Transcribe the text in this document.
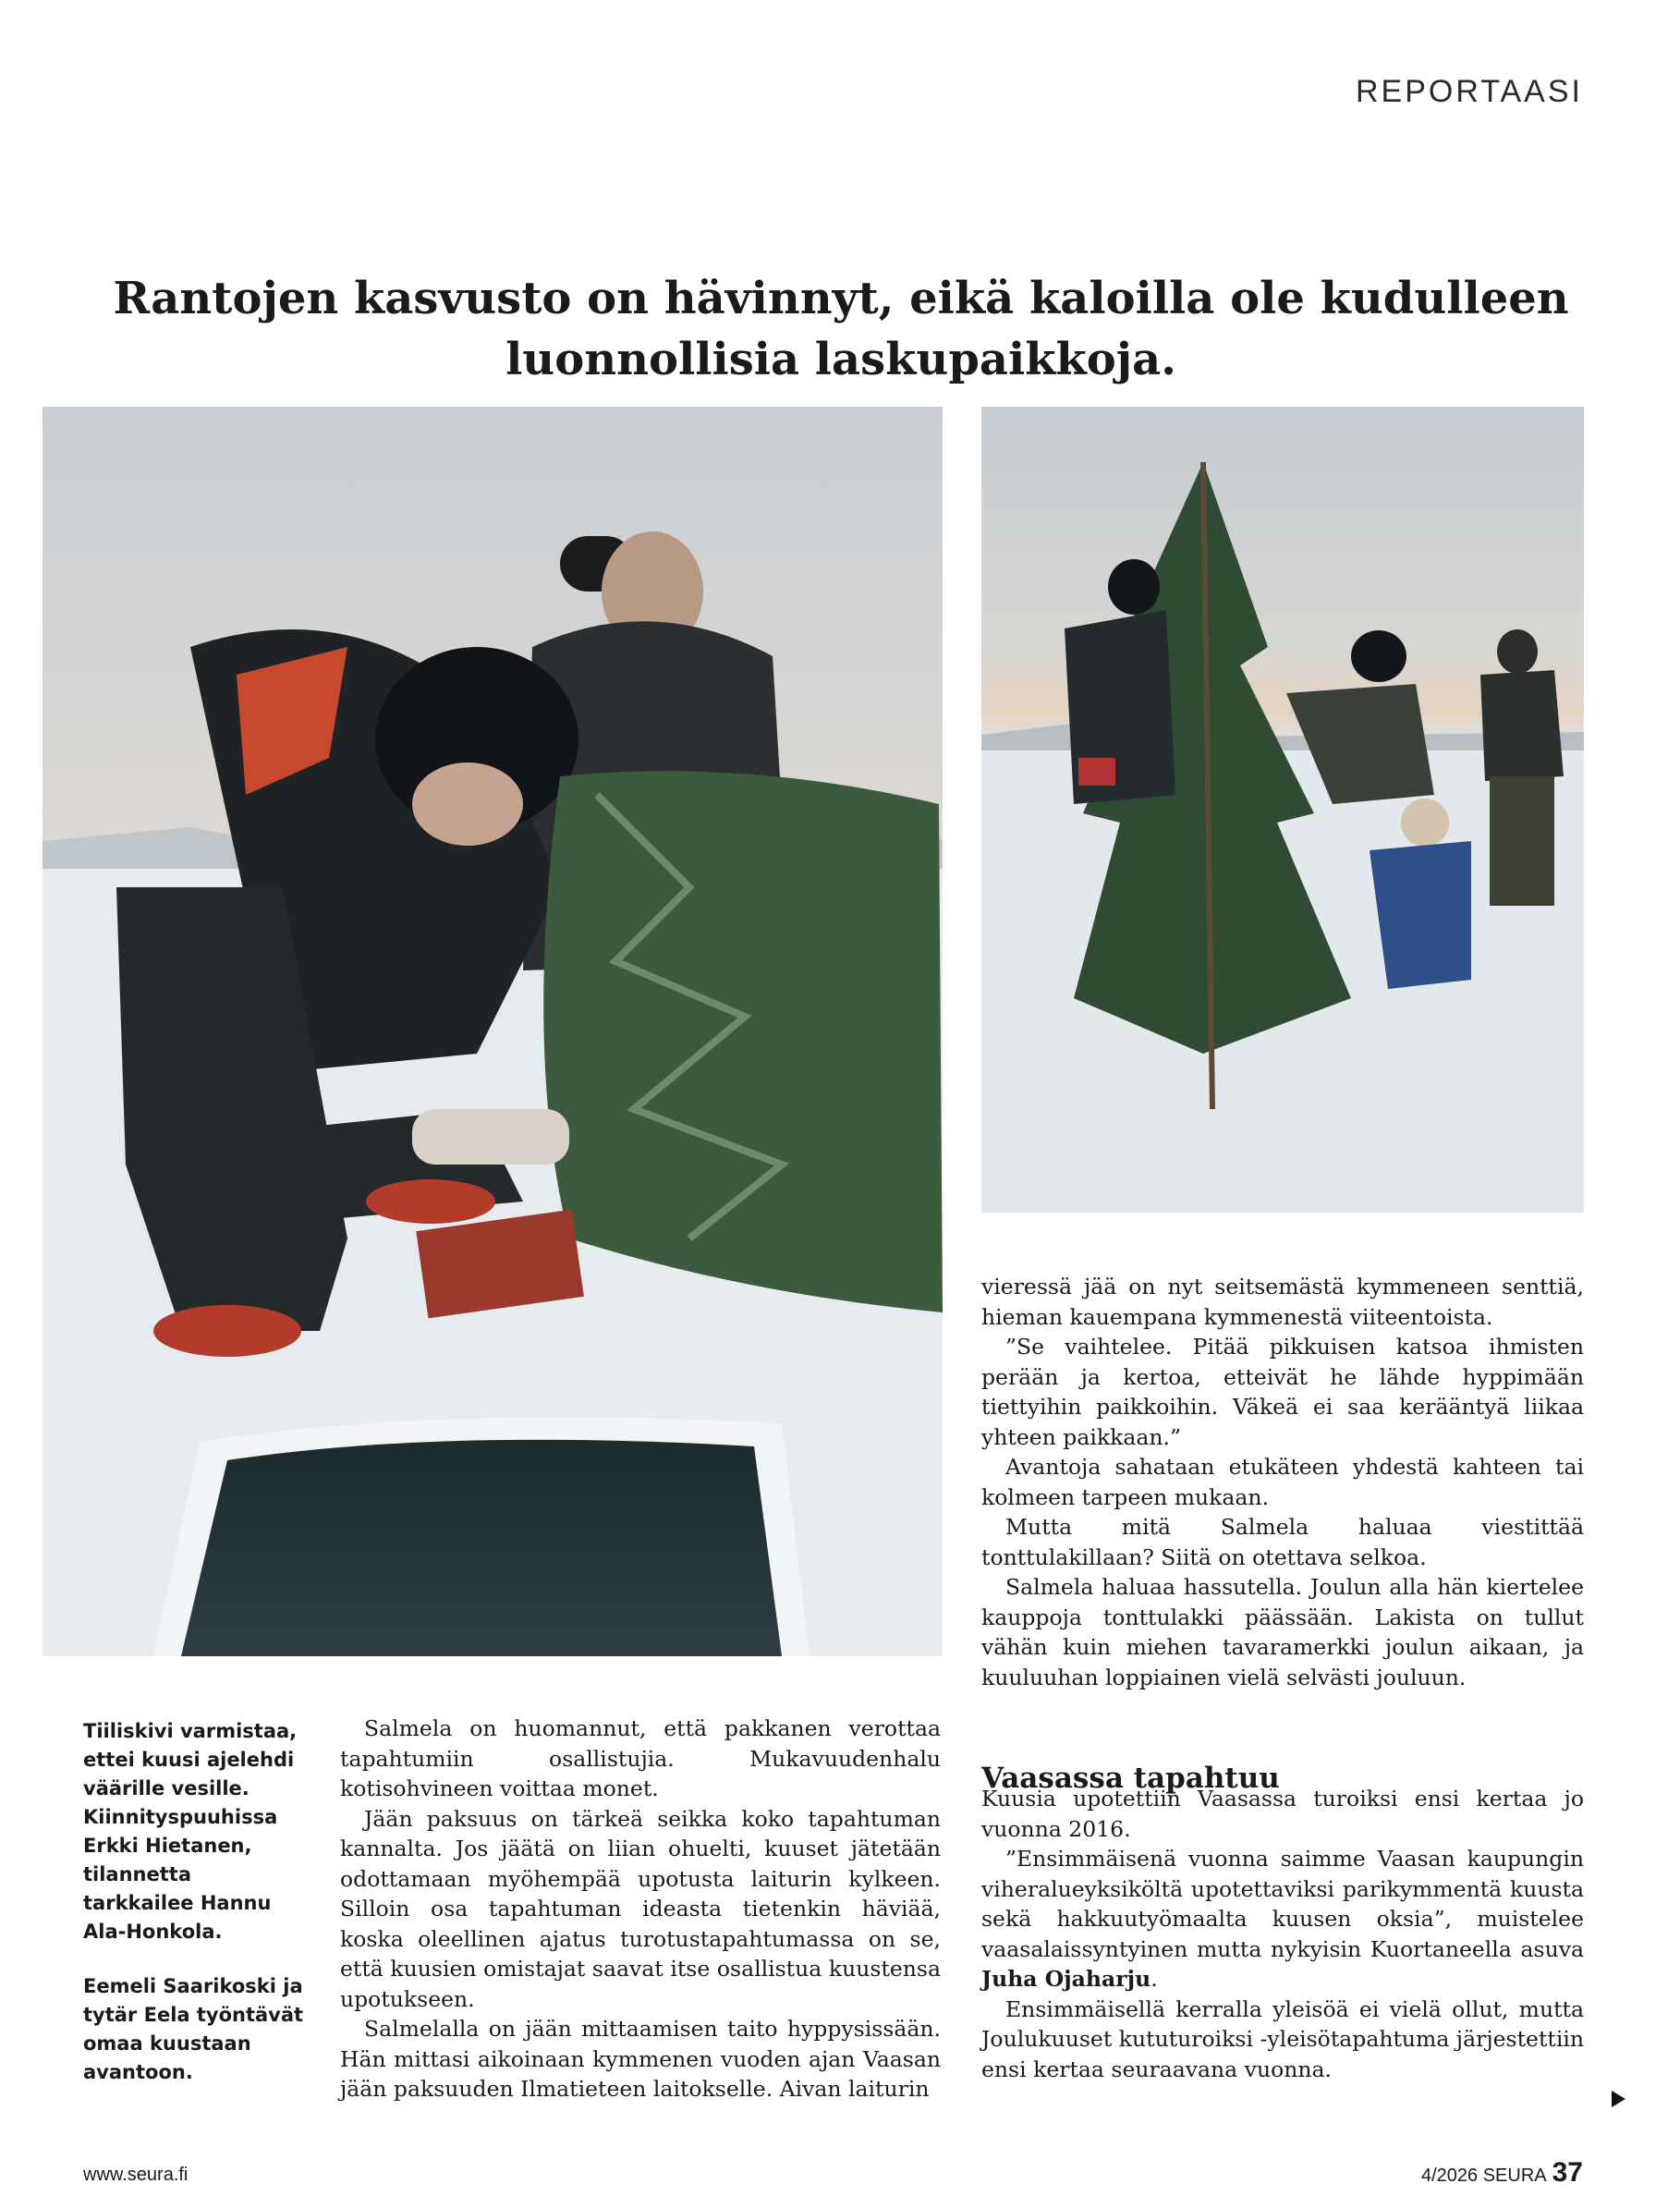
REPORTAASI
Rantojen kasvusto on hävinnyt, eikä kaloilla ole kudulleen luonnollisia laskupaikkoja.
Tiiliskivi varmistaa, ettei kuusi ajelehdi väärille vesille. Kiinnityspuuhissa Erkki Hietanen, tilannetta tarkkailee Hannu Ala-Honkola.
Eemeli Saarikoski ja tytär Eela työntävät omaa kuustaan avantoon.

Salmela on huomannut, että pakkanen verottaa tapahtumiin osallistujia. Mukavuudenhalu kotisohvineen voittaa monet.

Jään paksuus on tärkeä seikka koko tapahtuman kannalta. Jos jäätä on liian ohuelti, kuuset jätetään odottamaan myöhempää upotusta laiturin kylkeen. Silloin osa tapahtuman ideasta tietenkin häviää, koska oleellinen ajatus turotustapahtumassa on se, että kuusien omistajat saavat itse osallistua kuustensa upotukseen.

Salmelalla on jään mittaamisen taito hyppysissään. Hän mittasi aikoinaan kymmenen vuoden ajan Vaasan jään paksuuden Ilmatieteen laitokselle. Aivan laiturin

vieressä jää on nyt seitsemästä kymmeneen senttiä, hieman kauempana kymmenestä viiteentoista.

”Se vaihtelee. Pitää pikkuisen katsoa ihmisten perään ja kertoa, etteivät he lähde hyppimään tiettyihin paikkoihin. Väkeä ei saa kerääntyä liikaa yhteen paikkaan.”

Avantoja sahataan etukäteen yhdestä kahteen tai kolmeen tarpeen mukaan.

Mutta mitä Salmela haluaa viestittää tonttulakillaan? Siitä on otettava selkoa.

Salmela haluaa hassutella. Joulun alla hän kiertelee kauppoja tonttulakki päässään. Lakista on tullut vähän kuin miehen tavaramerkki joulun aikaan, ja kuuluuhan loppiainen vielä selvästi jouluun.

Vaasassa tapahtuu

Kuusia upotettiin Vaasassa turoiksi ensi kertaa jo vuonna 2016.

”Ensimmäisenä vuonna saimme Vaasan kaupungin viheralueyksiköltä upotettaviksi parikymmentä kuusta sekä hakkuutyömaalta kuusen oksia”, muistelee vaasalaissyntyinen mutta nykyisin Kuortaneella asuva Juha Ojaharju.

Ensimmäisellä kerralla yleisöä ei vielä ollut, mutta Joulukuuset kututuroiksi -yleisötapahtuma järjestettiin ensi kertaa seuraavana vuonna.

www.seura.fi	4/2026 SEURA 37
